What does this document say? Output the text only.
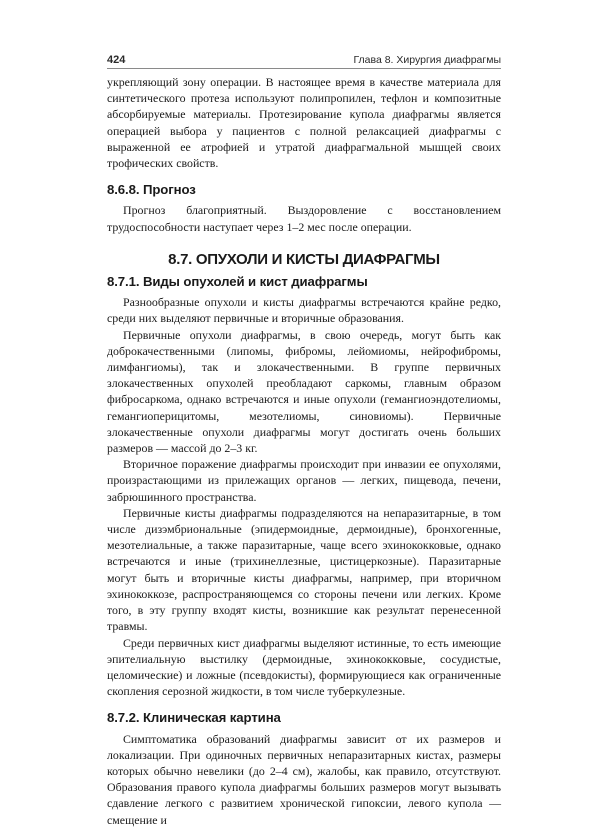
424	Глава 8. Хирургия диафрагмы

укрепляющий зону операции. В настоящее время в качестве материала для синтетического протеза используют полипропилен, тефлон и композитные абсорбируемые материалы. Протезирование купола диафрагмы является операцией выбора у пациентов с полной релаксацией диафрагмы с выраженной ее атрофией и утратой диафрагмальной мышцей своих трофических свойств.

8.6.8. Прогноз

Прогноз благоприятный. Выздоровление с восстановлением трудоспособности наступает через 1–2 мес после операции.

8.7. ОПУХОЛИ И КИСТЫ ДИАФРАГМЫ
8.7.1. Виды опухолей и кист диафрагмы

Разнообразные опухоли и кисты диафрагмы встречаются крайне редко, среди них выделяют первичные и вторичные образования.

Первичные опухоли диафрагмы, в свою очередь, могут быть как доброкачественными (липомы, фибромы, лейомиомы, нейрофибромы, лимфангиомы), так и злокачественными. В группе первичных злокачественных опухолей преобладают саркомы, главным образом фибросаркома, однако встречаются и иные опухоли (гемангиоэндотелиомы, гемангиоперицитомы, мезотелиомы, синовиомы). Первичные злокачественные опухоли диафрагмы могут достигать очень больших размеров — массой до 2–3 кг.

Вторичное поражение диафрагмы происходит при инвазии ее опухолями, произрастающими из прилежащих органов — легких, пищевода, печени, забрюшинного пространства.

Первичные кисты диафрагмы подразделяются на непаразитарные, в том числе дизэмбриональные (эпидермоидные, дермоидные), бронхогенные, мезотелиальные, а также паразитарные, чаще всего эхинококковые, однако встречаются и иные (трихинеллезные, цистицеркозные). Паразитарные могут быть и вторичные кисты диафрагмы, например, при вторичном эхинококкозе, распространяющемся со стороны печени или легких. Кроме того, в эту группу входят кисты, возникшие как результат перенесенной травмы.

Среди первичных кист диафрагмы выделяют истинные, то есть имеющие эпителиальную выстилку (дермоидные, эхинококковые, сосудистые, целомические) и ложные (псевдокисты), формирующиеся как ограниченные скопления серозной жидкости, в том числе туберкулезные.

8.7.2. Клиническая картина

Симптоматика образований диафрагмы зависит от их размеров и локализации. При одиночных первичных непаразитарных кистах, размеры которых обычно невелики (до 2–4 см), жалобы, как правило, отсутствуют. Образования правого купола диафрагмы больших размеров могут вызывать сдавление легкого с развитием хронической гипоксии, левого купола — смещение и
